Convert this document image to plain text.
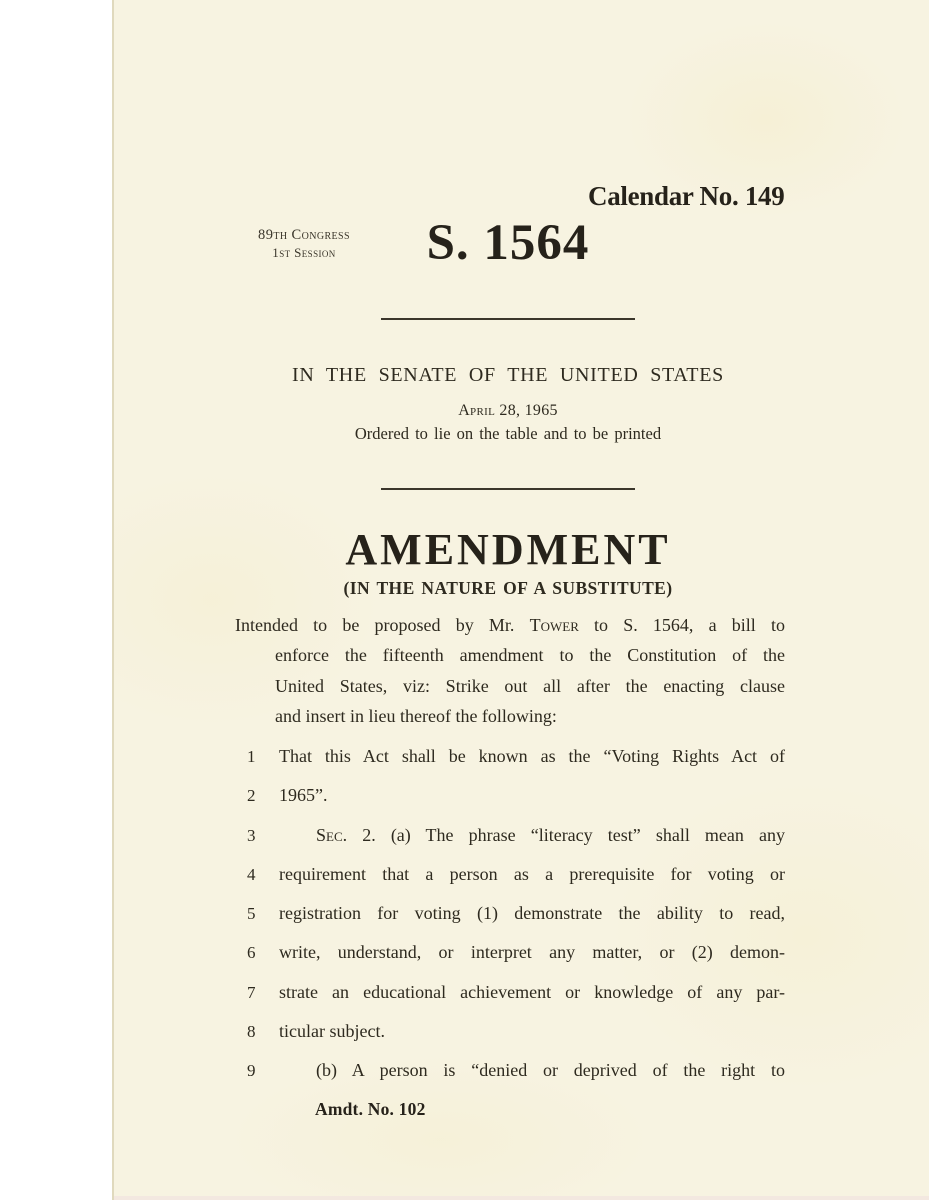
Calendar No. 149
89th Congress
1st Session	S. 1564
IN THE SENATE OF THE UNITED STATES
April 28, 1965
Ordered to lie on the table and to be printed
AMENDMENT
(IN THE NATURE OF A SUBSTITUTE)
Intended to be proposed by Mr. Tower to S. 1564, a bill to
enforce the fifteenth amendment to the Constitution of the
United States, viz: Strike out all after the enacting clause
and insert in lieu thereof the following:
1	That this Act shall be known as the “Voting Rights Act of
2	1965”.
3	Sec. 2. (a) The phrase “literacy test” shall mean any
4	requirement that a person as a prerequisite for voting or
5	registration for voting (1) demonstrate the ability to read,
6	write, understand, or interpret any matter, or (2) demon-
7	strate an educational achievement or knowledge of any par-
8	ticular subject.
9	(b) A person is “denied or deprived of the right to
Amdt. No. 102
